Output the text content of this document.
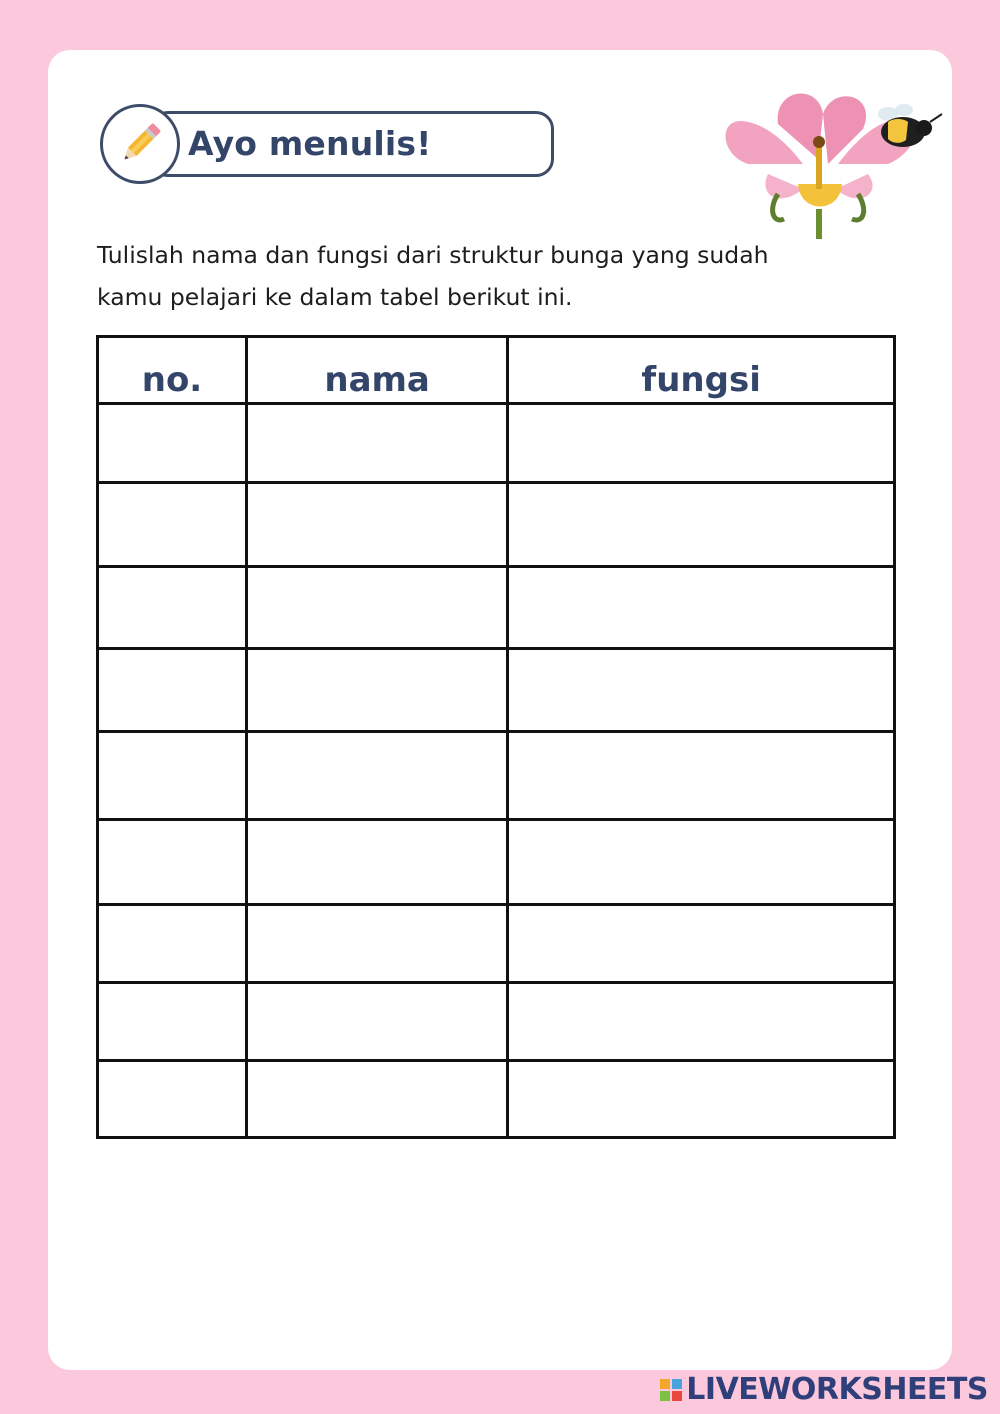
Ayo menulis!
Tulislah nama dan fungsi dari struktur bunga yang sudah
kamu pelajari ke dalam tabel berikut ini.
no.	nama	fungsi

LIVEWORKSHEETS
